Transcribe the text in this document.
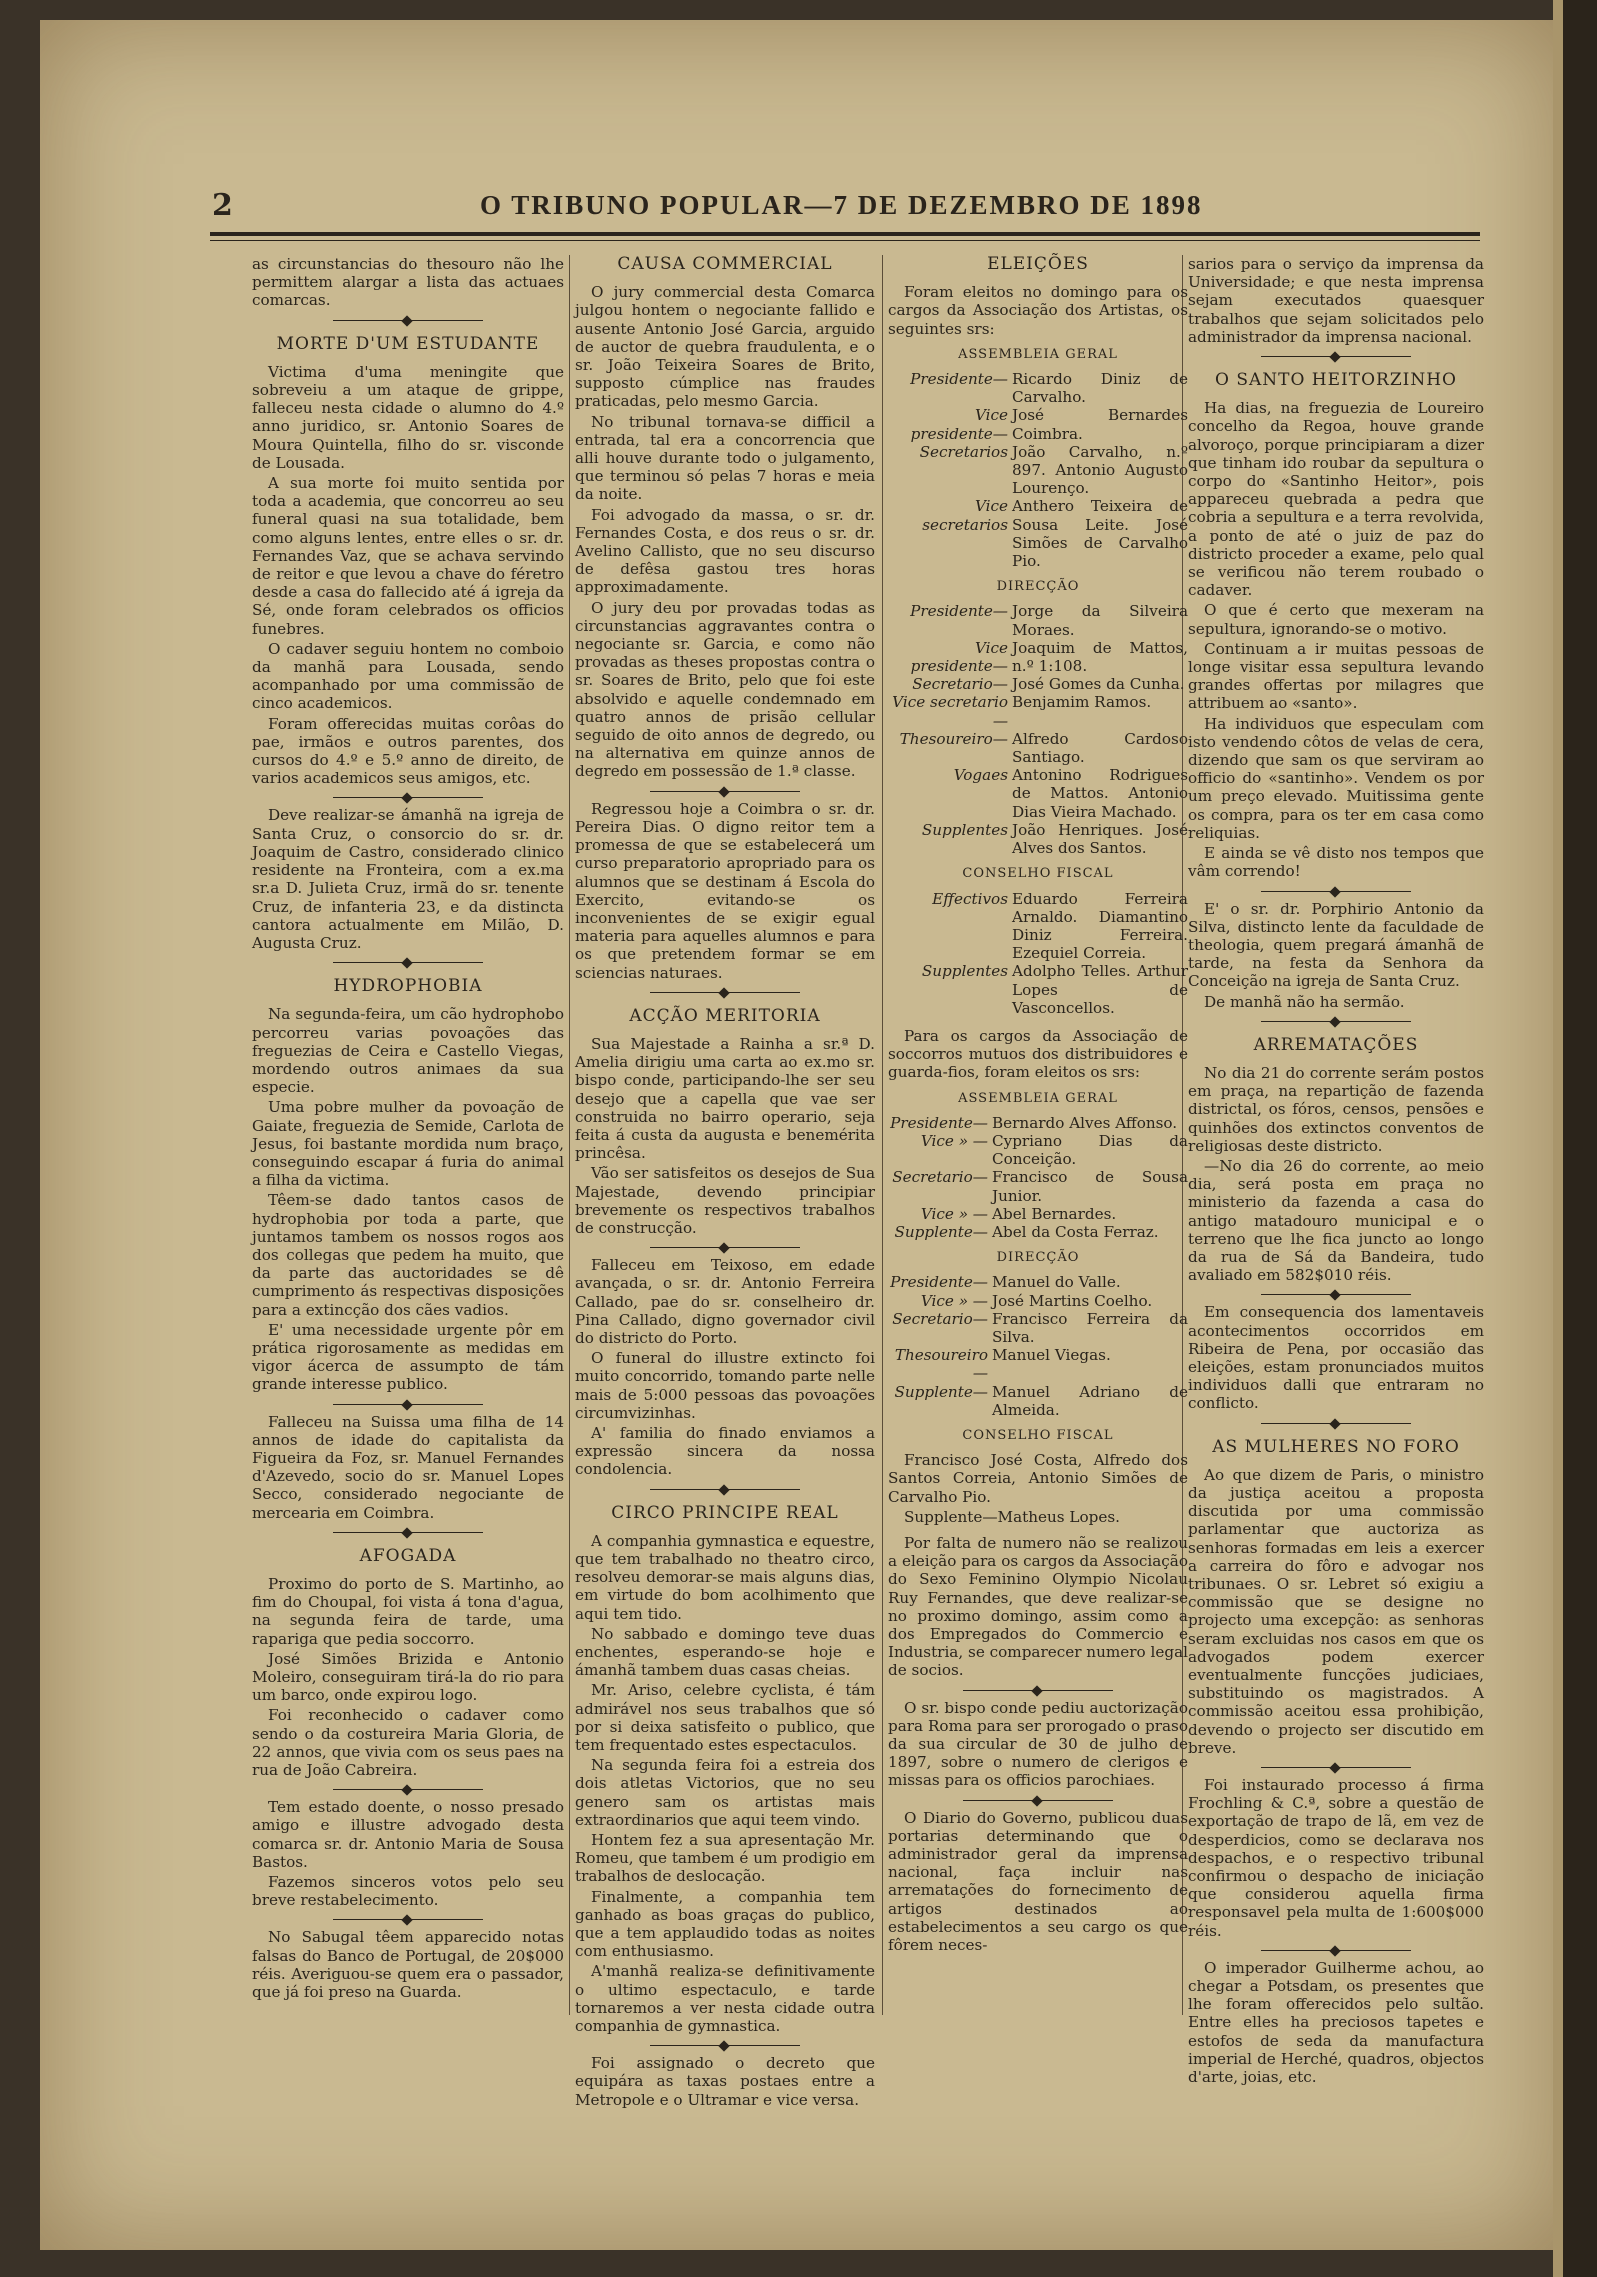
2	O TRIBUNO POPULAR—7 DE DEZEMBRO DE 1898

as circunstancias do thesouro não lhe permittem alargar a lista das actuaes comarcas.

MORTE D'UM ESTUDANTE

Victima d'uma meningite que sobreveiu a um ataque de grippe, falleceu nesta cidade o alumno do 4.º anno juridico, sr. Antonio Soares de Moura Quintella, filho do sr. visconde de Lousada.

A sua morte foi muito sentida por toda a academia, que concorreu ao seu funeral quasi na sua totalidade, bem como alguns lentes, entre elles o sr. dr. Fernandes Vaz, que se achava servindo de reitor e que levou a chave do féretro desde a casa do fallecido até á igreja da Sé, onde foram celebrados os officios funebres.

O cadaver seguiu hontem no comboio da manhã para Lousada, sendo acompanhado por uma commissão de cinco academicos.

Foram offerecidas muitas corôas do pae, irmãos e outros parentes, dos cursos do 4.º e 5.º anno de direito, de varios academicos seus amigos, etc.

Deve realizar-se ámanhã na igreja de Santa Cruz, o consorcio do sr. dr. Joaquim de Castro, considerado clinico residente na Fronteira, com a ex.ma sr.a D. Julieta Cruz, irmã do sr. tenente Cruz, de infanteria 23, e da distincta cantora actualmente em Milão, D. Augusta Cruz.

HYDROPHOBIA

Na segunda-feira, um cão hydrophobo percorreu varias povoações das freguezias de Ceira e Castello Viegas, mordendo outros animaes da sua especie.

Uma pobre mulher da povoação de Gaiate, freguezia de Semide, Carlota de Jesus, foi bastante mordida num braço, conseguindo escapar á furia do animal a filha da victima.

Têem-se dado tantos casos de hydrophobia por toda a parte, que juntamos tambem os nossos rogos aos dos collegas que pedem ha muito, que da parte das auctoridades se dê cumprimento ás respectivas disposições para a extincção dos cães vadios.

E' uma necessidade urgente pôr em prática rigorosamente as medidas em vigor ácerca de assumpto de tám grande interesse publico.

Falleceu na Suissa uma filha de 14 annos de idade do capitalista da Figueira da Foz, sr. Manuel Fernandes d'Azevedo, socio do sr. Manuel Lopes Secco, considerado negociante de mercearia em Coimbra.

AFOGADA

Proximo do porto de S. Martinho, ao fim do Choupal, foi vista á tona d'agua, na segunda feira de tarde, uma rapariga que pedia soccorro.

José Simões Brizida e Antonio Moleiro, conseguiram tirá-la do rio para um barco, onde expirou logo.

Foi reconhecido o cadaver como sendo o da costureira Maria Gloria, de 22 annos, que vivia com os seus paes na rua de João Cabreira.

Tem estado doente, o nosso presado amigo e illustre advogado desta comarca sr. dr. Antonio Maria de Sousa Bastos.

Fazemos sinceros votos pelo seu breve restabelecimento.

No Sabugal têem apparecido notas falsas do Banco de Portugal, de 20$000 réis. Averiguou-se quem era o passador, que já foi preso na Guarda.

CAUSA COMMERCIAL

O jury commercial desta Comarca julgou hontem o negociante fallido e ausente Antonio José Garcia, arguido de auctor de quebra fraudulenta, e o sr. João Teixeira Soares de Brito, supposto cúmplice nas fraudes praticadas, pelo mesmo Garcia.

No tribunal tornava-se difficil a entrada, tal era a concorrencia que alli houve durante todo o julgamento, que terminou só pelas 7 horas e meia da noite.

Foi advogado da massa, o sr. dr. Fernandes Costa, e dos reus o sr. dr. Avelino Callisto, que no seu discurso de defêsa gastou tres horas approximadamente.

O jury deu por provadas todas as circunstancias aggravantes contra o negociante sr. Garcia, e como não provadas as theses propostas contra o sr. Soares de Brito, pelo que foi este absolvido e aquelle condemnado em quatro annos de prisão cellular seguido de oito annos de degredo, ou na alternativa em quinze annos de degredo em possessão de 1.ª classe.

Regressou hoje a Coimbra o sr. dr. Pereira Dias. O digno reitor tem a promessa de que se estabelecerá um curso preparatorio apropriado para os alumnos que se destinam á Escola do Exercito, evitando-se os inconvenientes de se exigir egual materia para aquelles alumnos e para os que pretendem formar se em sciencias naturaes.

ACÇÃO MERITORIA

Sua Majestade a Rainha a sr.ª D. Amelia dirigiu uma carta ao ex.mo sr. bispo conde, participando-lhe ser seu desejo que a capella que vae ser construida no bairro operario, seja feita á custa da augusta e benemérita princêsa.

Vão ser satisfeitos os desejos de Sua Majestade, devendo principiar brevemente os respectivos trabalhos de construcção.

Falleceu em Teixoso, em edade avançada, o sr. dr. Antonio Ferreira Callado, pae do sr. conselheiro dr. Pina Callado, digno governador civil do districto do Porto.

O funeral do illustre extincto foi muito concorrido, tomando parte nelle mais de 5:000 pessoas das povoações circumvizinhas.

A' familia do finado enviamos a expressão sincera da nossa condolencia.

CIRCO PRINCIPE REAL

A companhia gymnastica e equestre, que tem trabalhado no theatro circo, resolveu demorar-se mais alguns dias, em virtude do bom acolhimento que aqui tem tido.

No sabbado e domingo teve duas enchentes, esperando-se hoje e ámanhã tambem duas casas cheias.

Mr. Ariso, celebre cyclista, é tám admirável nos seus trabalhos que só por si deixa satisfeito o publico, que tem frequentado estes espectaculos.

Na segunda feira foi a estreia dos dois atletas Victorios, que no seu genero sam os artistas mais extraordinarios que aqui teem vindo.

Hontem fez a sua apresentação Mr. Romeu, que tambem é um prodigio em trabalhos de deslocação.

Finalmente, a companhia tem ganhado as boas graças do publico, que a tem applaudido todas as noites com enthusiasmo.

A'manhã realiza-se definitivamente o ultimo espectaculo, e tarde tornaremos a ver nesta cidade outra companhia de gymnastica.

Foi assignado o decreto que equipára as taxas postaes entre a Metropole e o Ultramar e vice versa.

ELEIÇÕES

Foram eleitos no domingo para os cargos da Associação dos Artistas, os seguintes srs:

ASSEMBLEIA GERAL
Presidente— Ricardo Diniz de Carvalho.
Vice presidente—
José Bernardes Coimbra.
Secretarios João Carvalho, n.º 897. Antonio Augusto Lourenço.
Vice secretarios
Anthero Teixeira de Sousa Leite. José Simões de Carvalho Pio.
DIRECÇÃO
Presidente— Jorge da Silveira Moraes.
Vice presidente—
Joaquim de Mattos, n.º 1:108.
Secretario— José Gomes da Cunha.
Vice secretario—
Benjamim Ramos.
Thesoureiro— Alfredo Cardoso Santiago.
Vogaes Antonino Rodrigues de Mattos. Antonio Dias Vieira Machado.
Supplentes João Henriques. José Alves dos Santos.
CONSELHO FISCAL
Effectivos Eduardo Ferreira Arnaldo. Diamantino Diniz Ferreira. Ezequiel Correia.
Supplentes Adolpho Telles. Arthur Lopes de Vasconcellos.

Para os cargos da Associação de soccorros mutuos dos distribuidores e guarda-fios, foram eleitos os srs:

ASSEMBLEIA GERAL
Presidente— Bernardo Alves Affonso.
Vice » — Cypriano Dias da Conceição.
Secretario— Francisco de Sousa Junior.
Vice » — Abel Bernardes.
Supplente— Abel da Costa Ferraz.
DIRECÇÃO
Presidente— Manuel do Valle.
Vice » — José Martins Coelho.
Secretario— Francisco Ferreira da Silva.
Thesoureiro—
Manuel Viegas.
Supplente— Manuel Adriano de Almeida.
CONSELHO FISCAL

Francisco José Costa, Alfredo dos Santos Correia, Antonio Simões de Carvalho Pio.

Supplente—Matheus Lopes.

Por falta de numero não se realizou a eleição para os cargos da Associação do Sexo Feminino Olympio Nicolau Ruy Fernandes, que deve realizar-se no proximo domingo, assim como a dos Empregados do Commercio e Industria, se comparecer numero legal de socios.

O sr. bispo conde pediu auctorização para Roma para ser prorogado o praso da sua circular de 30 de julho de 1897, sobre o numero de clerigos e missas para os officios parochiaes.

O Diario do Governo, publicou duas portarias determinando que o administrador geral da imprensa nacional, faça incluir nas arrematações do fornecimento de artigos destinados ao estabelecimentos a seu cargo os que fôrem neces-

sarios para o serviço da imprensa da Universidade; e que nesta imprensa sejam executados quaesquer trabalhos que sejam solicitados pelo administrador da imprensa nacional.

O SANTO HEITORZINHO

Ha dias, na freguezia de Loureiro concelho da Regoa, houve grande alvoroço, porque principiaram a dizer que tinham ido roubar da sepultura o corpo do «Santinho Heitor», pois appareceu quebrada a pedra que cobria a sepultura e a terra revolvida, a ponto de até o juiz de paz do districto proceder a exame, pelo qual se verificou não terem roubado o cadaver.

O que é certo que mexeram na sepultura, ignorando-se o motivo.

Continuam a ir muitas pessoas de longe visitar essa sepultura levando grandes offertas por milagres que attribuem ao «santo».

Ha individuos que especulam com isto vendendo côtos de velas de cera, dizendo que sam os que serviram ao officio do «santinho». Vendem os por um preço elevado. Muitissima gente os compra, para os ter em casa como reliquias.

E ainda se vê disto nos tempos que vâm correndo!

E' o sr. dr. Porphirio Antonio da Silva, distincto lente da faculdade de theologia, quem pregará ámanhã de tarde, na festa da Senhora da Conceição na igreja de Santa Cruz.

De manhã não ha sermão.

ARREMATAÇÕES

No dia 21 do corrente serám postos em praça, na repartição de fazenda districtal, os fóros, censos, pensões e quinhões dos extinctos conventos de religiosas deste districto.

—No dia 26 do corrente, ao meio dia, será posta em praça no ministerio da fazenda a casa do antigo matadouro municipal e o terreno que lhe fica juncto ao longo da rua de Sá da Bandeira, tudo avaliado em 582$010 réis.

Em consequencia dos lamentaveis acontecimentos occorridos em Ribeira de Pena, por occasião das eleições, estam pronunciados muitos individuos dalli que entraram no conflicto.

AS MULHERES NO FORO

Ao que dizem de Paris, o ministro da justiça aceitou a proposta discutida por uma commissão parlamentar que auctoriza as senhoras formadas em leis a exercer a carreira do fôro e advogar nos tribunaes. O sr. Lebret só exigiu a commissão que se designe no projecto uma excepção: as senhoras seram excluidas nos casos em que os advogados podem exercer eventualmente funcções judiciaes, substituindo os magistrados. A commissão aceitou essa prohibição, devendo o projecto ser discutido em breve.

Foi instaurado processo á firma Frochling & C.ª, sobre a questão de exportação de trapo de lã, em vez de desperdicios, como se declarava nos despachos, e o respectivo tribunal confirmou o despacho de iniciação que considerou aquella firma responsavel pela multa de 1:600$000 réis.

O imperador Guilherme achou, ao chegar a Potsdam, os presentes que lhe foram offerecidos pelo sultão. Entre elles ha preciosos tapetes e estofos de seda da manufactura imperial de Herché, quadros, objectos d'arte, joias, etc.
